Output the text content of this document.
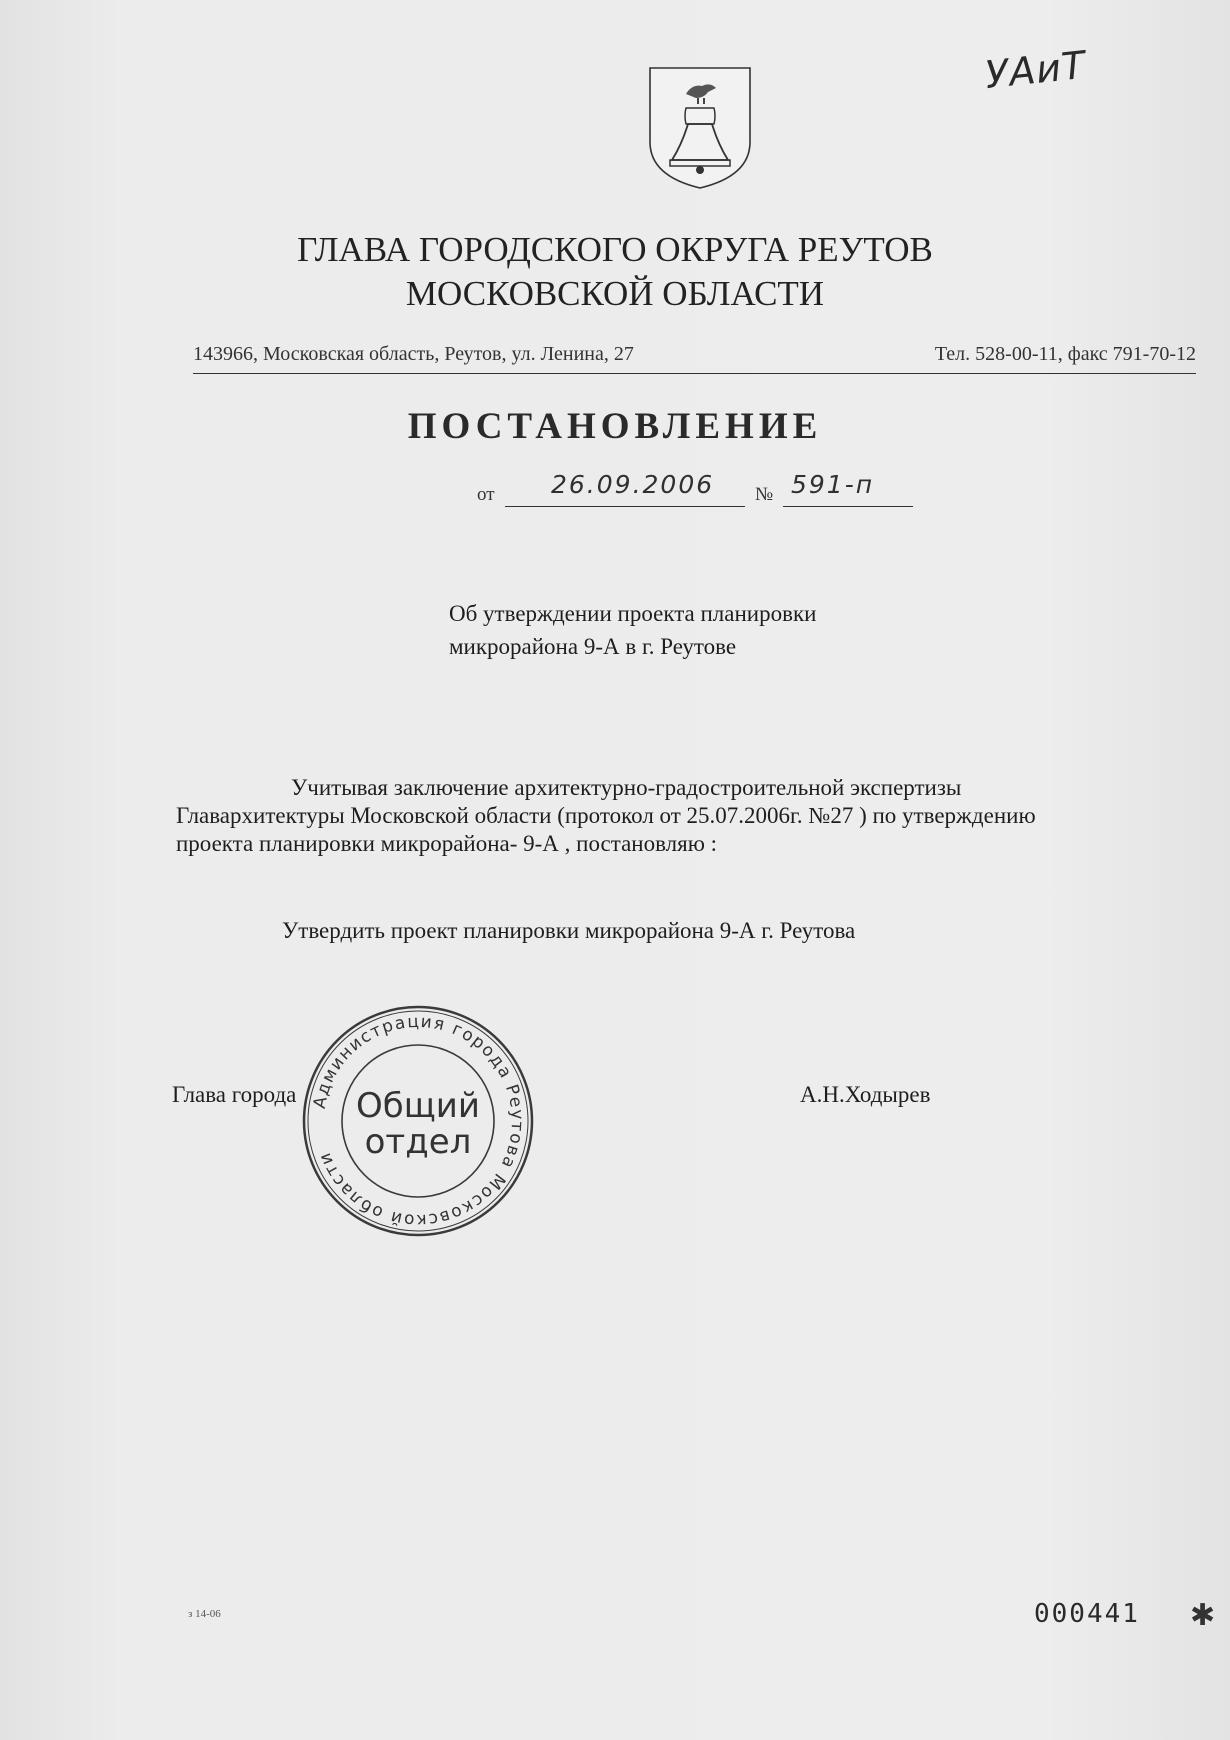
УАиТ
ГЛАВА ГОРОДСКОГО ОКРУГА РЕУТОВ
МОСКОВСКОЙ ОБЛАСТИ
143966, Московская область, Реутов, ул. Ленина, 27	Тел. 528-00-11, факс 791-70-12
ПОСТАНОВЛЕНИЕ
от 26.09.2006 № 591-п
Об утверждении проекта планировки
микрорайона 9-А в г. Реутове
Учитывая заключение архитектурно-градостроительной экспертизы
Главархитектуры Московской области (протокол от 25.07.2006г. №27 ) по утверждению
проекта планировки микрорайона- 9-А , постановляю :
Утвердить проект планировки микрорайона 9-А г. Реутова
Глава города	А.Н.Ходырев
Администрация города Реутова Московской области
Общий
отдел
з 14-06	000441 ✱
